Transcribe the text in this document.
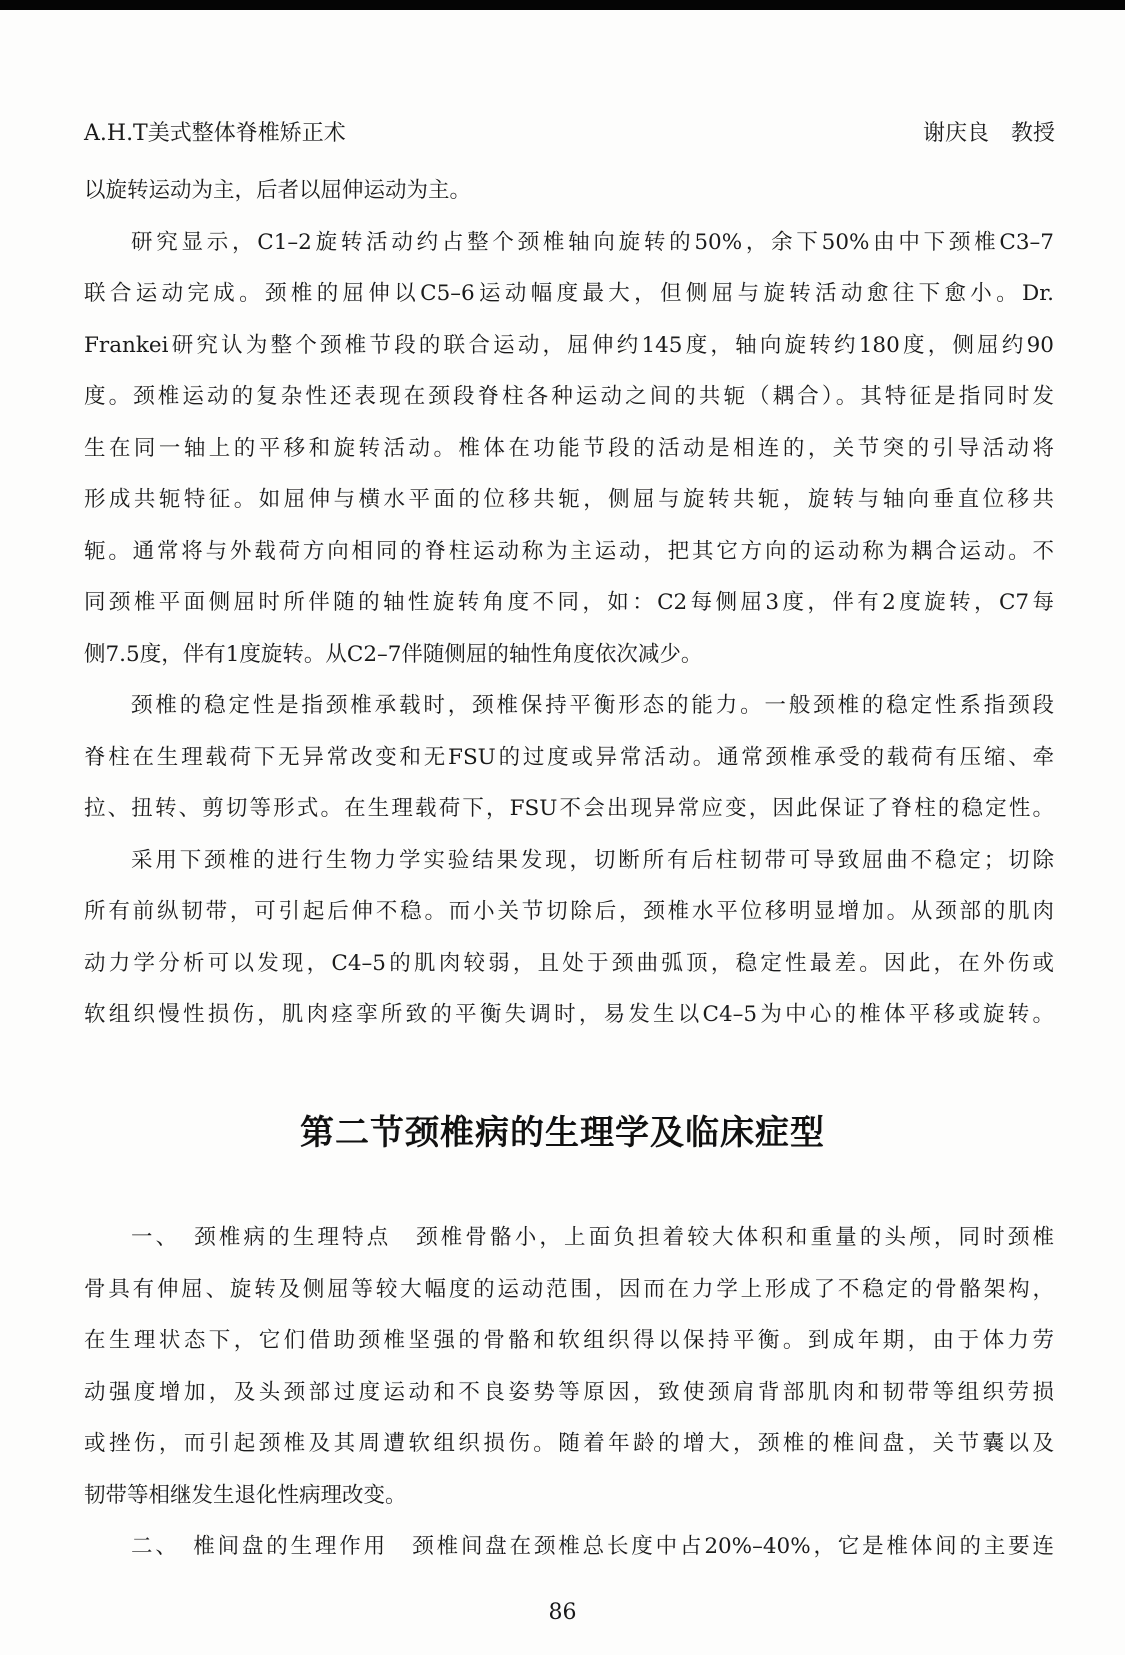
A.H.T美式整体脊椎矫正术	谢庆良　教授
以旋转运动为主，后者以屈伸运动为主。
研究显示，C1–2旋转活动约占整个颈椎轴向旋转的50%，余下50%由中下颈椎C3–7
联合运动完成。颈椎的屈伸以C5–6运动幅度最大，但侧屈与旋转活动愈往下愈小。Dr.
Frankei研究认为整个颈椎节段的联合运动，屈伸约145度，轴向旋转约180度，侧屈约90
度。颈椎运动的复杂性还表现在颈段脊柱各种运动之间的共轭（耦合）。其特征是指同时发
生在同一轴上的平移和旋转活动。椎体在功能节段的活动是相连的，关节突的引导活动将
形成共轭特征。如屈伸与横水平面的位移共轭，侧屈与旋转共轭，旋转与轴向垂直位移共
轭。通常将与外载荷方向相同的脊柱运动称为主运动，把其它方向的运动称为耦合运动。不
同颈椎平面侧屈时所伴随的轴性旋转角度不同，如：C2每侧屈3度，伴有2度旋转，C7每
侧7.5度，伴有1度旋转。从C2–7伴随侧屈的轴性角度依次减少。
颈椎的稳定性是指颈椎承载时，颈椎保持平衡形态的能力。一般颈椎的稳定性系指颈段
脊柱在生理载荷下无异常改变和无FSU的过度或异常活动。通常颈椎承受的载荷有压缩、牵
拉、扭转、剪切等形式。在生理载荷下，FSU不会出现异常应变，因此保证了脊柱的稳定性。
采用下颈椎的进行生物力学实验结果发现，切断所有后柱韧带可导致屈曲不稳定；切除
所有前纵韧带，可引起后伸不稳。而小关节切除后，颈椎水平位移明显增加。从颈部的肌肉
动力学分析可以发现，C4–5的肌肉较弱，且处于颈曲弧顶，稳定性最差。因此，在外伤或
软组织慢性损伤，肌肉痉挛所致的平衡失调时，易发生以C4–5为中心的椎体平移或旋转。
第二节颈椎病的生理学及临床症型
一、　颈椎病的生理特点　颈椎骨骼小，上面负担着较大体积和重量的头颅，同时颈椎
骨具有伸屈、旋转及侧屈等较大幅度的运动范围，因而在力学上形成了不稳定的骨骼架构，
在生理状态下，它们借助颈椎坚强的骨骼和软组织得以保持平衡。到成年期，由于体力劳
动强度增加，及头颈部过度运动和不良姿势等原因，致使颈肩背部肌肉和韧带等组织劳损
或挫伤，而引起颈椎及其周遭软组织损伤。随着年龄的增大，颈椎的椎间盘，关节囊以及
韧带等相继发生退化性病理改变。
二、　椎间盘的生理作用　颈椎间盘在颈椎总长度中占20%–40%，它是椎体间的主要连
86
